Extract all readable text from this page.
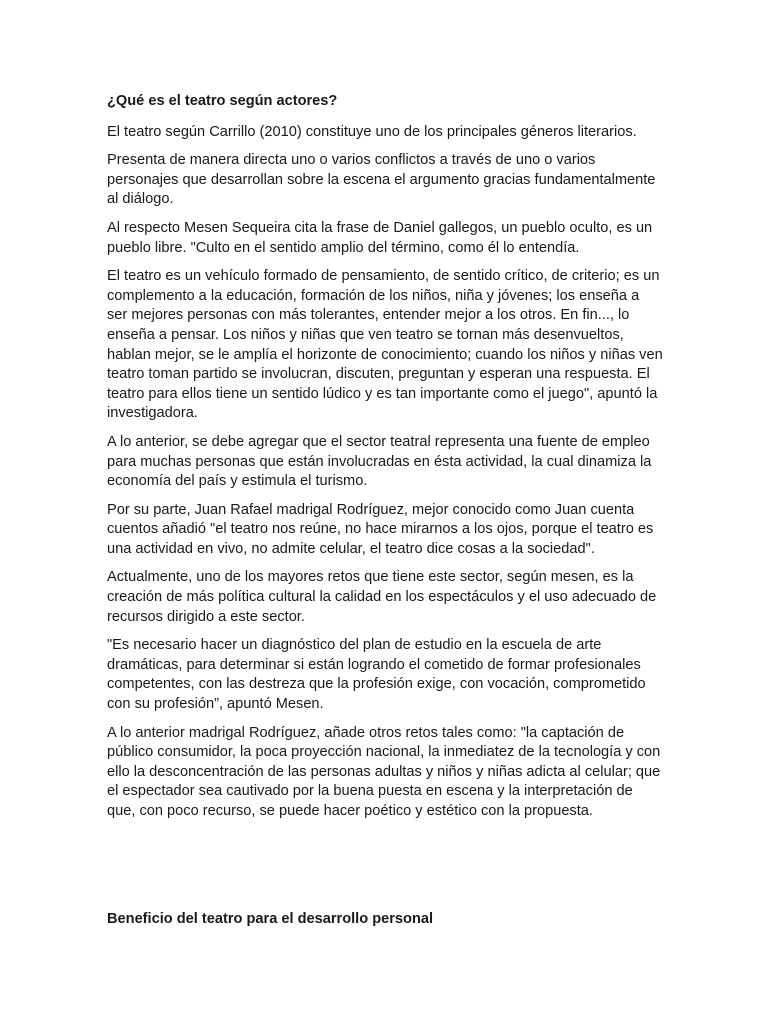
¿Qué es el teatro según actores?

El teatro según Carrillo (2010) constituye uno de los principales géneros literarios.

Presenta de manera directa uno o varios conflictos a través de uno o varios personajes que desarrollan sobre la escena el argumento gracias fundamentalmente al diálogo.

Al respecto Mesen Sequeira cita la frase de Daniel gallegos, un pueblo oculto, es un pueblo libre. "Culto en el sentido amplio del término, como él lo entendía.

El teatro es un vehículo formado de pensamiento, de sentido crítico, de criterio; es un complemento a la educación, formación de los niños, niña y jóvenes; los enseña a ser mejores personas con más tolerantes, entender mejor a los otros. En fin..., lo enseña a pensar. Los niños y niñas que ven teatro se tornan más desenvueltos, hablan mejor, se le amplía el horizonte de conocimiento; cuando los niños y niñas ven teatro toman partido se involucran, discuten, preguntan y esperan una respuesta. El teatro para ellos tiene un sentido lúdico y es tan importante como el juego", apuntó la investigadora.

A lo anterior, se debe agregar que el sector teatral representa una fuente de empleo para muchas personas que están involucradas en ésta actividad, la cual dinamiza la economía del país y estimula el turismo.

Por su parte, Juan Rafael madrigal Rodríguez, mejor conocido como Juan cuenta cuentos añadió "el teatro nos reúne, no hace mirarnos a los ojos, porque el teatro es una actividad en vivo, no admite celular, el teatro dice cosas a la sociedad".

Actualmente, uno de los mayores retos que tiene este sector, según mesen, es la creación de más política cultural la calidad en los espectáculos y el uso adecuado de recursos dirigido a este sector.

"Es necesario hacer un diagnóstico del plan de estudio en la escuela de arte dramáticas, para determinar si están logrando el cometido de formar profesionales competentes, con las destreza que la profesión exige, con vocación, comprometido con su profesión”, apuntó Mesen.

A lo anterior madrigal Rodríguez, añade otros retos tales como: "la captación de público consumidor, la poca proyección nacional, la inmediatez de la tecnología y con ello la desconcentración de las personas adultas y niños y niñas adicta al celular; que el espectador sea cautivado por la buena puesta en escena y la interpretación de que, con poco recurso, se puede hacer poético y estético con la propuesta.

Beneficio del teatro para el desarrollo personal
